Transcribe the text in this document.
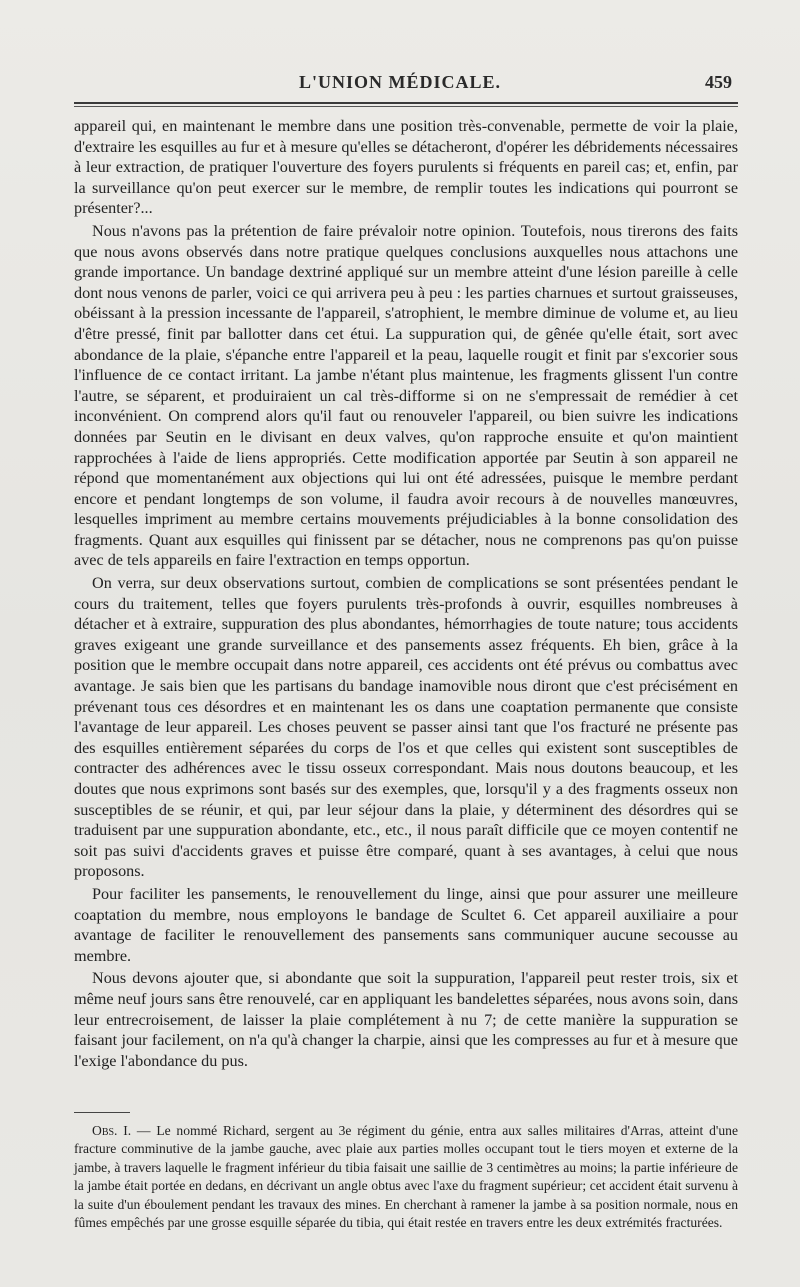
L'UNION MÉDICALE.	459

appareil qui, en maintenant le membre dans une position très-convenable, permette de voir la plaie, d'extraire les esquilles au fur et à mesure qu'elles se détacheront, d'opérer les débridements nécessaires à leur extraction, de pratiquer l'ouverture des foyers purulents si fréquents en pareil cas; et, enfin, par la surveillance qu'on peut exercer sur le membre, de remplir toutes les indications qui pourront se présenter?...

Nous n'avons pas la prétention de faire prévaloir notre opinion. Toutefois, nous tirerons des faits que nous avons observés dans notre pratique quelques conclusions auxquelles nous attachons une grande importance. Un bandage dextriné appliqué sur un membre atteint d'une lésion pareille à celle dont nous venons de parler, voici ce qui arrivera peu à peu : les parties charnues et surtout graisseuses, obéissant à la pression incessante de l'appareil, s'atrophient, le membre diminue de volume et, au lieu d'être pressé, finit par ballotter dans cet étui. La suppuration qui, de gênée qu'elle était, sort avec abondance de la plaie, s'épanche entre l'appareil et la peau, laquelle rougit et finit par s'excorier sous l'influence de ce contact irritant. La jambe n'étant plus maintenue, les fragments glissent l'un contre l'autre, se séparent, et produiraient un cal très-difforme si on ne s'empressait de remédier à cet inconvénient. On comprend alors qu'il faut ou renouveler l'appareil, ou bien suivre les indications données par Seutin en le divisant en deux valves, qu'on rapproche ensuite et qu'on maintient rapprochées à l'aide de liens appropriés. Cette modification apportée par Seutin à son appareil ne répond que momentanément aux objections qui lui ont été adressées, puisque le membre perdant encore et pendant longtemps de son volume, il faudra avoir recours à de nouvelles manœuvres, lesquelles impriment au membre certains mouvements préjudiciables à la bonne consolidation des fragments. Quant aux esquilles qui finissent par se détacher, nous ne comprenons pas qu'on puisse avec de tels appareils en faire l'extraction en temps opportun.

On verra, sur deux observations surtout, combien de complications se sont présentées pendant le cours du traitement, telles que foyers purulents très-profonds à ouvrir, esquilles nombreuses à détacher et à extraire, suppuration des plus abondantes, hémorrhagies de toute nature; tous accidents graves exigeant une grande surveillance et des pansements assez fréquents. Eh bien, grâce à la position que le membre occupait dans notre appareil, ces accidents ont été prévus ou combattus avec avantage. Je sais bien que les partisans du bandage inamovible nous diront que c'est précisément en prévenant tous ces désordres et en maintenant les os dans une coaptation permanente que consiste l'avantage de leur appareil. Les choses peuvent se passer ainsi tant que l'os fracturé ne présente pas des esquilles entièrement séparées du corps de l'os et que celles qui existent sont susceptibles de contracter des adhérences avec le tissu osseux correspondant. Mais nous doutons beaucoup, et les doutes que nous exprimons sont basés sur des exemples, que, lorsqu'il y a des fragments osseux non susceptibles de se réunir, et qui, par leur séjour dans la plaie, y déterminent des désordres qui se traduisent par une suppuration abondante, etc., etc., il nous paraît difficile que ce moyen contentif ne soit pas suivi d'accidents graves et puisse être comparé, quant à ses avantages, à celui que nous proposons.

Pour faciliter les pansements, le renouvellement du linge, ainsi que pour assurer une meilleure coaptation du membre, nous employons le bandage de Scultet 6. Cet appareil auxiliaire a pour avantage de faciliter le renouvellement des pansements sans communiquer aucune secousse au membre.

Nous devons ajouter que, si abondante que soit la suppuration, l'appareil peut rester trois, six et même neuf jours sans être renouvelé, car en appliquant les bandelettes séparées, nous avons soin, dans leur entrecroisement, de laisser la plaie complétement à nu 7; de cette manière la suppuration se faisant jour facilement, on n'a qu'à changer la charpie, ainsi que les compresses au fur et à mesure que l'exige l'abondance du pus.

Obs. I. — Le nommé Richard, sergent au 3e régiment du génie, entra aux salles militaires d'Arras, atteint d'une fracture comminutive de la jambe gauche, avec plaie aux parties molles occupant tout le tiers moyen et externe de la jambe, à travers laquelle le fragment inférieur du tibia faisait une saillie de 3 centimètres au moins; la partie inférieure de la jambe était portée en dedans, en décrivant un angle obtus avec l'axe du fragment supérieur; cet accident était survenu à la suite d'un éboulement pendant les travaux des mines. En cherchant à ramener la jambe à sa position normale, nous en fûmes empêchés par une grosse esquille séparée du tibia, qui était restée en travers entre les deux extrémités fracturées.
